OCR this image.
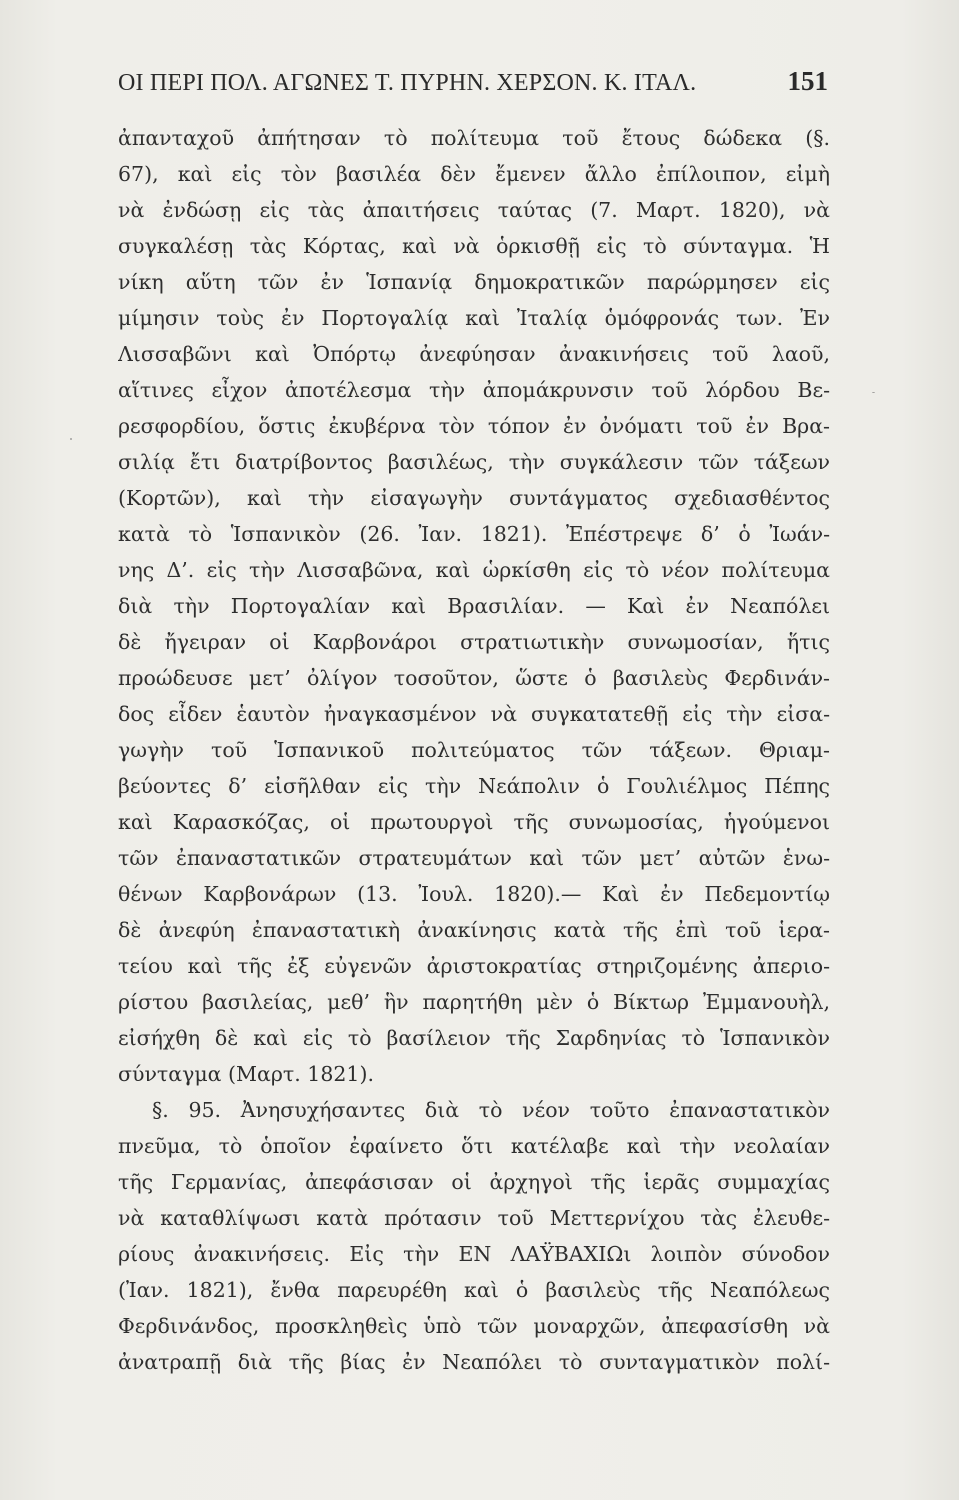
ΟΙ ΠΕΡΙ ΠΟΛ. ΑΓΩΝΕΣ Τ. ΠΥΡΗΝ. ΧΕΡΣΟΝ. Κ. ΙΤΑΛ.	151
ἀπανταχοῦ ἀπήτησαν τὸ πολίτευμα τοῦ ἔτους δώδεκα (§.
67), καὶ εἰς τὸν βασιλέα δὲν ἔμενεν ἄλλο ἐπίλοιπον, εἰμὴ
νὰ ἐνδώσῃ εἰς τὰς ἀπαιτήσεις ταύτας (7. Μαρτ. 1820), νὰ
συγκαλέσῃ τὰς Κόρτας, καὶ νὰ ὁρκισθῇ εἰς τὸ σύνταγμα. Ἡ
νίκη αὕτη τῶν ἐν Ἱσπανίᾳ δημοκρατικῶν παρώρμησεν εἰς
μίμησιν τοὺς ἐν Πορτογαλίᾳ καὶ Ἰταλίᾳ ὁμόφρονάς των. Ἐν
Λισσαβῶνι καὶ Ὀπόρτῳ ἀνεφύησαν ἀνακινήσεις τοῦ λαοῦ,
αἵτινες εἶχον ἀποτέλεσμα τὴν ἀπομάκρυνσιν τοῦ λόρδου Βε-
ρεσφορδίου, ὅστις ἐκυβέρνα τὸν τόπον ἐν ὀνόματι τοῦ ἐν Βρα-
σιλίᾳ ἔτι διατρίβοντος βασιλέως, τὴν συγκάλεσιν τῶν τάξεων
(Κορτῶν), καὶ τὴν εἰσαγωγὴν συντάγματος σχεδιασθέντος
κατὰ τὸ Ἱσπανικὸν (26. Ἰαν. 1821). Ἐπέστρεψε δ’ ὁ Ἰωάν-
νης Δ’. εἰς τὴν Λισσαβῶνα, καὶ ὡρκίσθη εἰς τὸ νέον πολίτευμα
διὰ τὴν Πορτογαλίαν καὶ Βρασιλίαν. — Καὶ ἐν Νεαπόλει
δὲ ἤγειραν οἱ Καρβονάροι στρατιωτικὴν συνωμοσίαν, ἥτις
προώδευσε μετ’ ὀλίγον τοσοῦτον, ὥστε ὁ βασιλεὺς Φερδινάν-
δος εἶδεν ἑαυτὸν ἠναγκασμένον νὰ συγκατατεθῇ εἰς τὴν εἰσα-
γωγὴν τοῦ Ἱσπανικοῦ πολιτεύματος τῶν τάξεων. Θριαμ-
βεύοντες δ’ εἰσῆλθαν εἰς τὴν Νεάπολιν ὁ Γουλιέλμος Πέπης
καὶ Καρασκόζας, οἱ πρωτουργοὶ τῆς συνωμοσίας, ἡγούμενοι
τῶν ἐπαναστατικῶν στρατευμάτων καὶ τῶν μετ’ αὐτῶν ἑνω-
θένων Καρβονάρων (13. Ἰουλ. 1820).— Καὶ ἐν Πεδεμοντίῳ
δὲ ἀνεφύη ἐπαναστατικὴ ἀνακίνησις κατὰ τῆς ἐπὶ τοῦ ἱερα-
τείου καὶ τῆς ἐξ εὐγενῶν ἀριστοκρατίας στηριζομένης ἀπεριο-
ρίστου βασιλείας, μεθ’ ἣν παρητήθη μὲν ὁ Βίκτωρ Ἐμμανουὴλ,
εἰσήχθη δὲ καὶ εἰς τὸ βασίλειον τῆς Σαρδηνίας τὸ Ἱσπανικὸν
σύνταγμα (Μαρτ. 1821).
§. 95. Ἀνησυχήσαντες διὰ τὸ νέον τοῦτο ἐπαναστατικὸν
πνεῦμα, τὸ ὁποῖον ἐφαίνετο ὅτι κατέλαβε καὶ τὴν νεολαίαν
τῆς Γερμανίας, ἀπεφάσισαν οἱ ἀρχηγοὶ τῆς ἱερᾶς συμμαχίας
νὰ καταθλίψωσι κατὰ πρότασιν τοῦ Μεττερνίχου τὰς ἐλευθε-
ρίους ἀνακινήσεις. Εἰς τὴν ΕΝ ΛΑΫΒΑΧΙΩι λοιπὸν σύνοδον
(Ἰαν. 1821), ἔνθα παρευρέθη καὶ ὁ βασιλεὺς τῆς Νεαπόλεως
Φερδινάνδος, προσκληθεὶς ὑπὸ τῶν μοναρχῶν, ἀπεφασίσθη νὰ
ἀνατραπῇ διὰ τῆς βίας ἐν Νεαπόλει τὸ συνταγματικὸν πολί-
